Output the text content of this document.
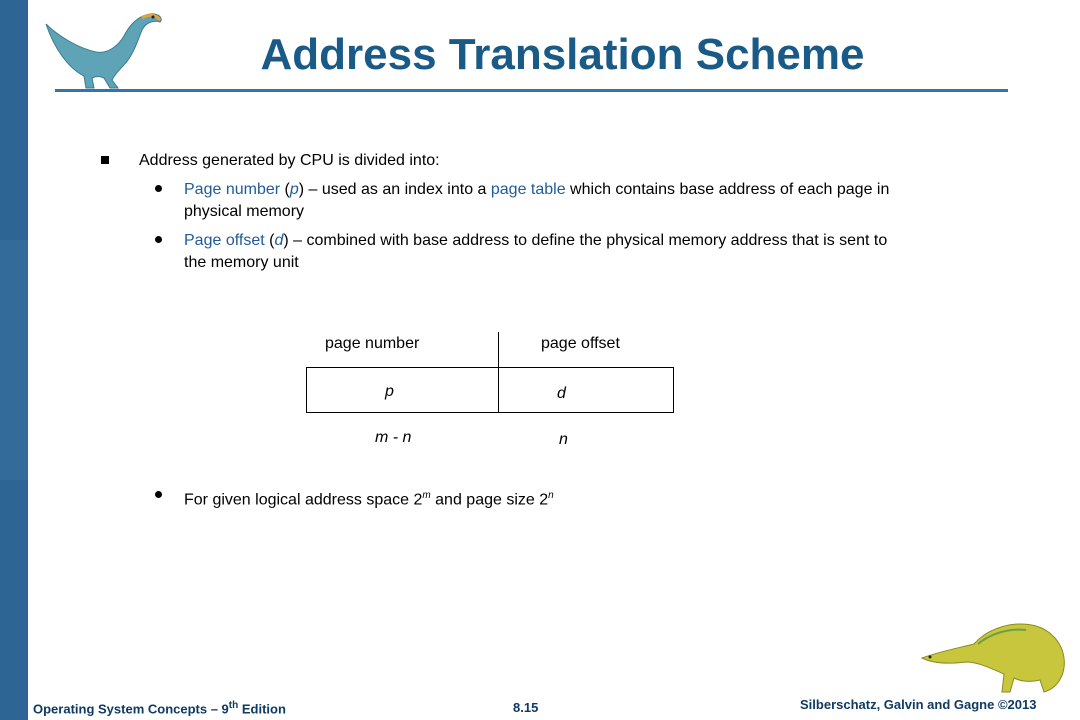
Address Translation Scheme
Address generated by CPU is divided into:
Page number (p) – used as an index into a page table which contains base address of each page in
physical memory
Page offset (d) – combined with base address to define the physical memory address that is sent to
the memory unit
page number	page offset
p	d
m - n	n
For given logical address space 2$^m$ and page size 2$^n$
Operating System Concepts – 9th Edition	8.15	Silberschatz, Galvin and Gagne ©2013
